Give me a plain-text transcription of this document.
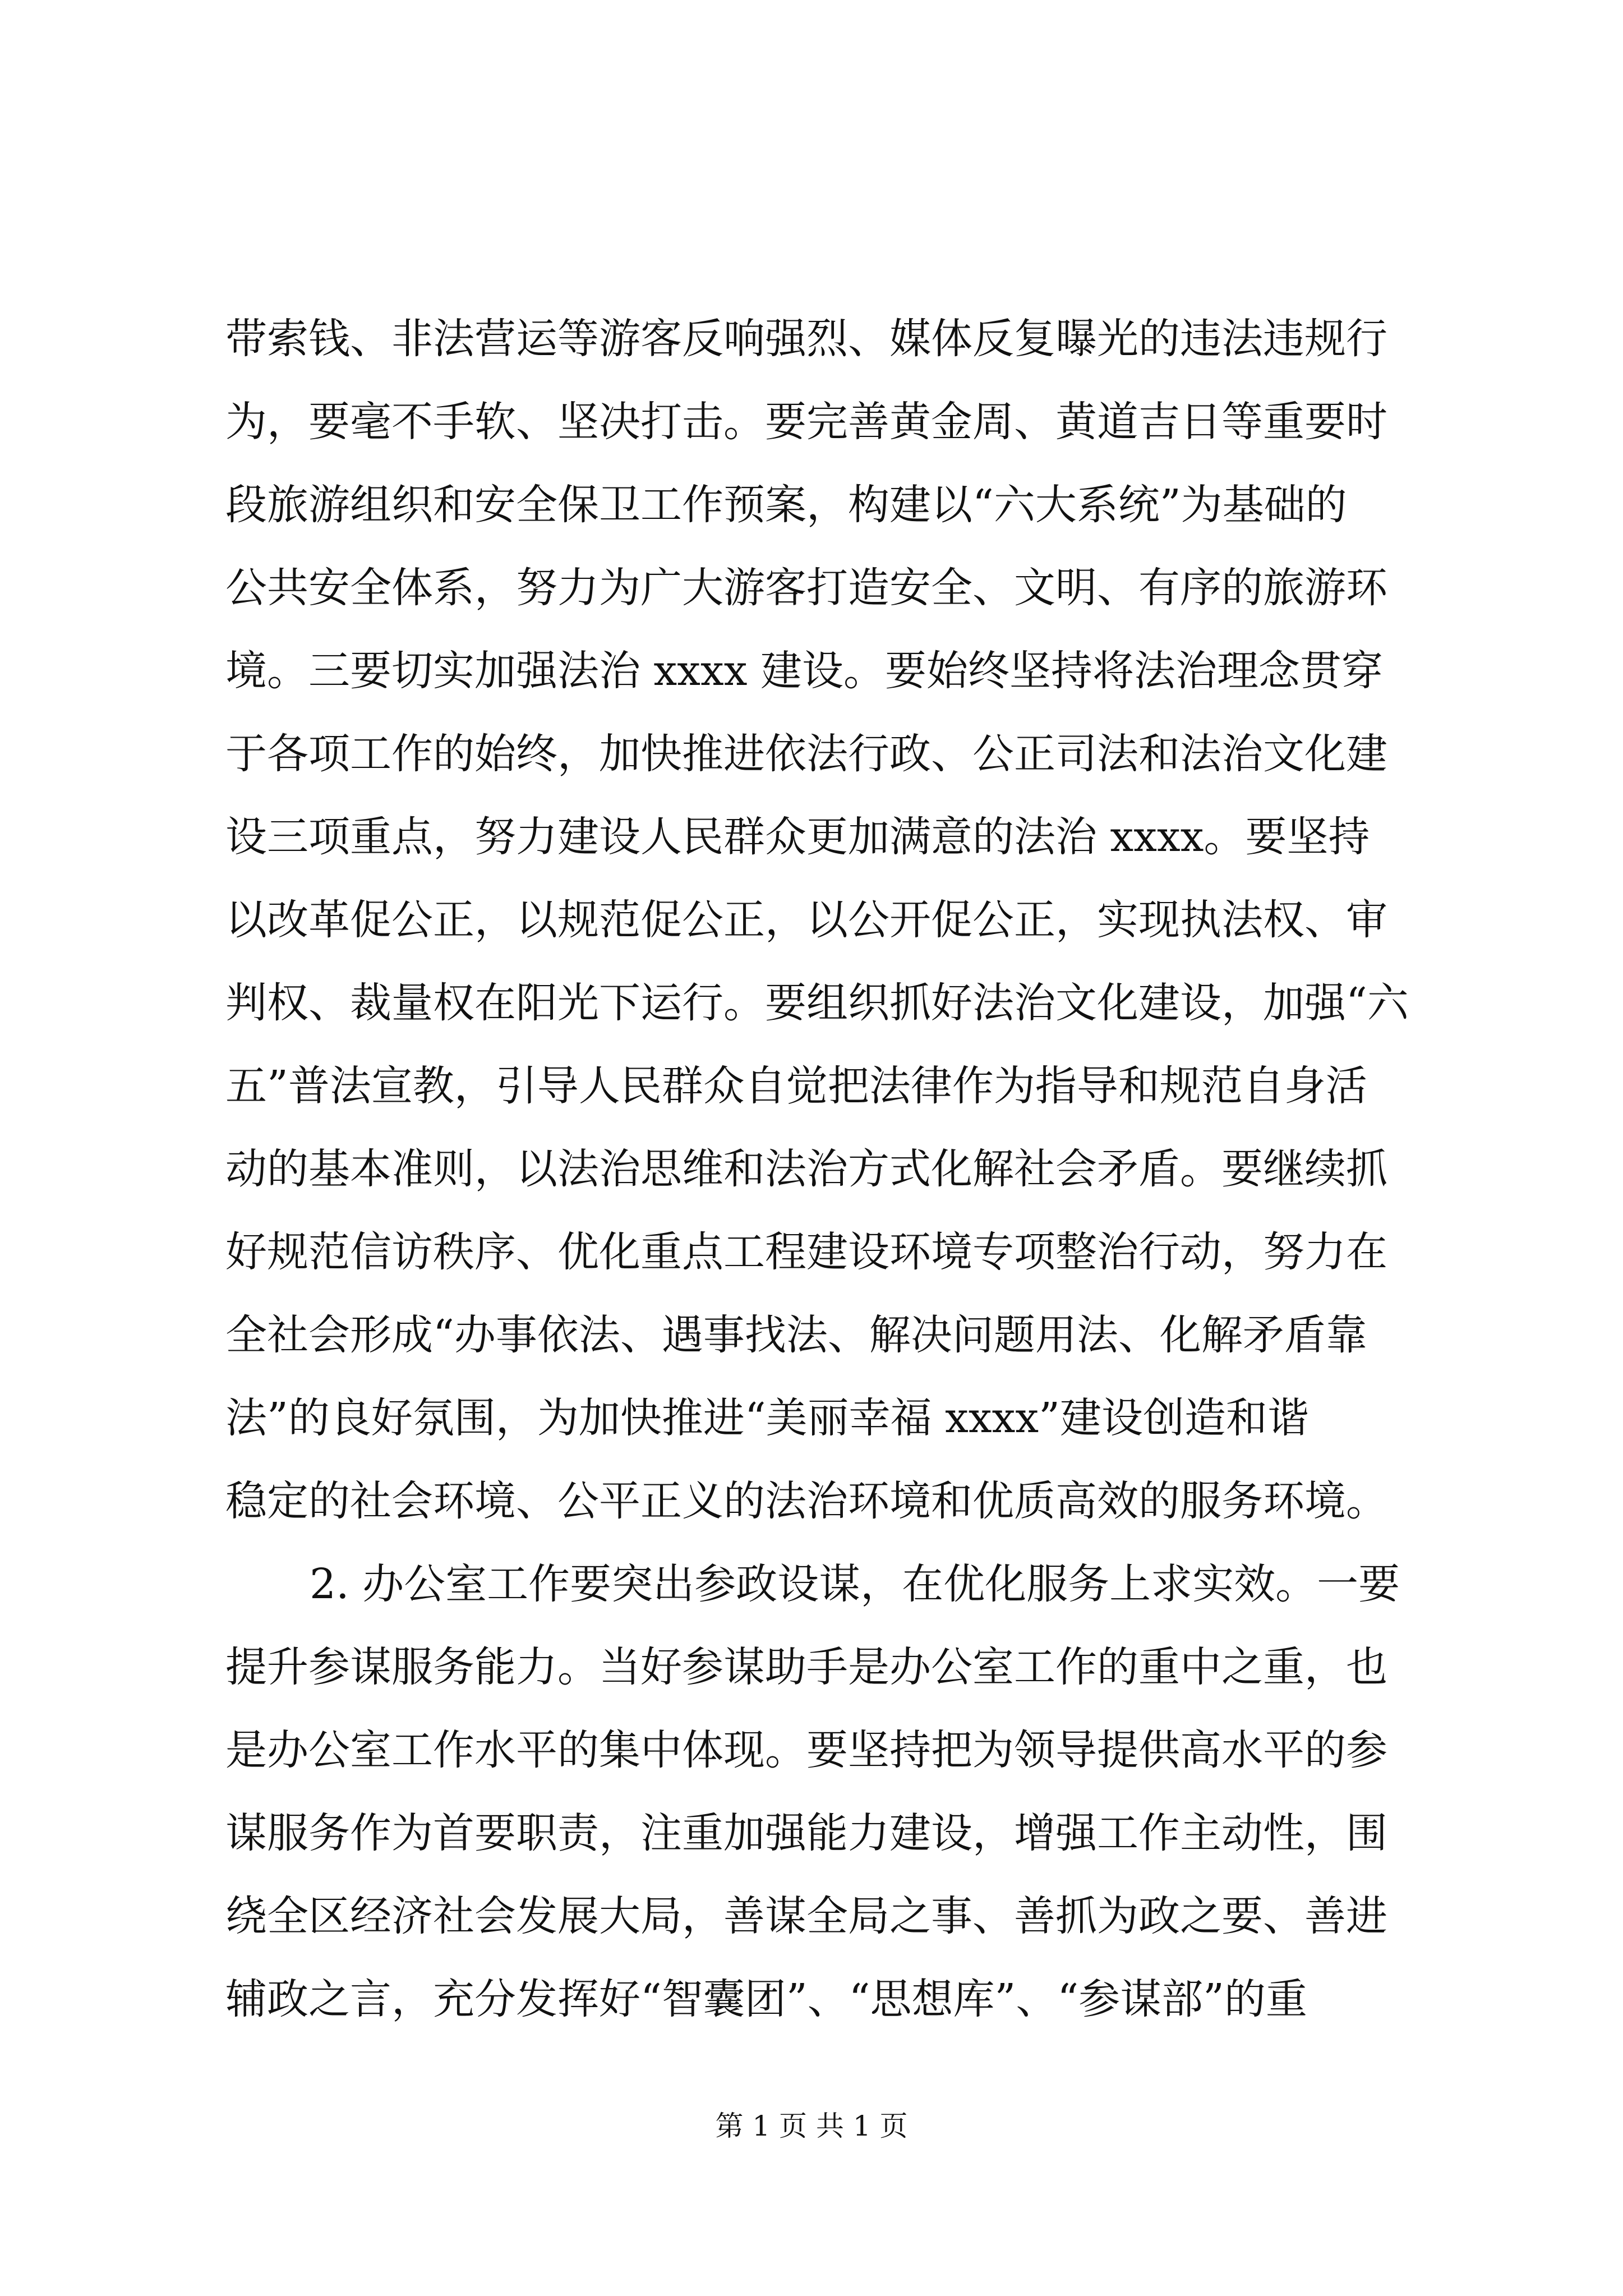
带索钱、非法营运等游客反响强烈、媒体反复曝光的违法违规行
为，要毫不手软、坚决打击。要完善黄金周、黄道吉日等重要时
段旅游组织和安全保卫工作预案，构建以“六大系统”为基础的
公共安全体系，努力为广大游客打造安全、文明、有序的旅游环
境。三要切实加强法治 xxxx 建设。要始终坚持将法治理念贯穿
于各项工作的始终，加快推进依法行政、公正司法和法治文化建
设三项重点，努力建设人民群众更加满意的法治 xxxx。要坚持
以改革促公正，以规范促公正，以公开促公正，实现执法权、审
判权、裁量权在阳光下运行。要组织抓好法治文化建设，加强“六
五”普法宣教，引导人民群众自觉把法律作为指导和规范自身活
动的基本准则，以法治思维和法治方式化解社会矛盾。要继续抓
好规范信访秩序、优化重点工程建设环境专项整治行动，努力在
全社会形成“办事依法、遇事找法、解决问题用法、化解矛盾靠
法”的良好氛围，为加快推进“美丽幸福 xxxx”建设创造和谐
稳定的社会环境、公平正义的法治环境和优质高效的服务环境。
2. 办公室工作要突出参政设谋，在优化服务上求实效。一要
提升参谋服务能力。当好参谋助手是办公室工作的重中之重，也
是办公室工作水平的集中体现。要坚持把为领导提供高水平的参
谋服务作为首要职责，注重加强能力建设，增强工作主动性，围
绕全区经济社会发展大局，善谋全局之事、善抓为政之要、善进
辅政之言，充分发挥好“智囊团”、“思想库”、“参谋部”的重
第 1 页 共 1 页
